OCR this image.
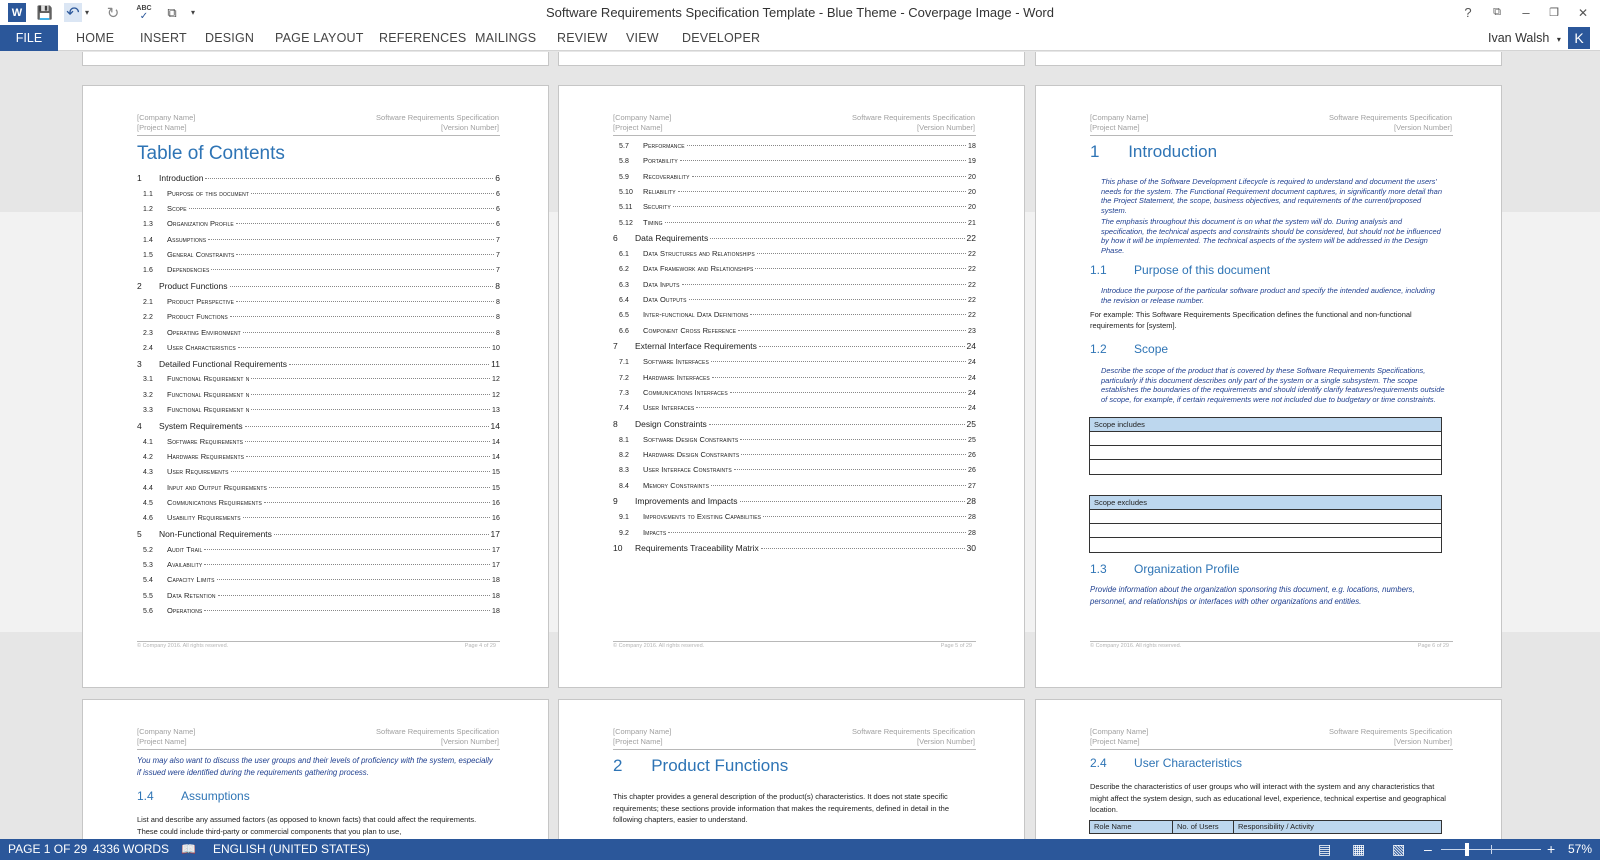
W 💾 ↶ ▾ ↻	ABC
✓	⧉	▾	Software Requirements Specification Template - Blue Theme - Coverpage Image - Word	?	⧉	–	❐	✕
FILE	HOME INSERT DESIGN PAGE LAYOUT REFERENCES MAILINGS REVIEW VIEW DEVELOPER	Ivan Walsh ▾ K
[Company Name]
[Project Name]
Software Requirements Specification
[Version Number]
Table of Contents
1	Introduction	6
1.1	Purpose of this document	6
1.2	Scope	6
1.3	Organization Profile	6
1.4	Assumptions	7
1.5	General Constraints	7
1.6	Dependencies	7
2	Product Functions	8
2.1	Product Perspective	8
2.2	Product Functions	8
2.3	Operating Environment	8
2.4	User Characteristics	10
3	Detailed Functional Requirements	11
3.1	Functional Requirement n	12
3.2	Functional Requirement n	12
3.3	Functional Requirement n	13
4	System Requirements	14
4.1	Software Requirements	14
4.2	Hardware Requirements	14
4.3	User Requirements	15
4.4	Input and Output Requirements	15
4.5	Communications Requirements	16
4.6	Usability Requirements	16
5	Non-Functional Requirements	17
5.2	Audit Trail	17
5.3	Availability	17
5.4	Capacity Limits	18
5.5	Data Retention	18
5.6	Operations	18
© Company 2016. All rights reserved.	Page 4 of 29
[Company Name]
[Project Name]
Software Requirements Specification
[Version Number]
5.7	Performance	18
5.8	Portability	19
5.9	Recoverability	20
5.10	Reliability	20
5.11	Security	20
5.12	Timing	21
6	Data Requirements	22
6.1	Data Structures and Relationships	22
6.2	Data Framework and Relationships	22
6.3	Data Inputs	22
6.4	Data Outputs	22
6.5	Inter-functional Data Definitions	22
6.6	Component Cross Reference	23
7	External Interface Requirements	24
7.1	Software Interfaces	24
7.2	Hardware Interfaces	24
7.3	Communications Interfaces	24
7.4	User Interfaces	24
8	Design Constraints	25
8.1	Software Design Constraints	25
8.2	Hardware Design Constraints	26
8.3	User Interface Constraints	26
8.4	Memory Constraints	27
9	Improvements and Impacts	28
9.1	Improvements to Existing Capabilities	28
9.2	Impacts	28
10	Requirements Traceability Matrix	30
© Company 2016. All rights reserved.	Page 5 of 29
[Company Name]
[Project Name]
Software Requirements Specification
[Version Number]
1 Introduction
This phase of the Software Development Lifecycle is required to understand and document the users' needs for the system. The Functional Requirement document captures, in significantly more detail than the Project Statement, the scope, business objectives, and requirements of the current/proposed system.
The emphasis throughout this document is on what the system will do. During analysis and specification, the technical aspects and constraints should be considered, but should not be influenced by how it will be implemented. The technical aspects of the system will be addressed in the Design Phase.
1.1 Purpose of this document
Introduce the purpose of the particular software product and specify the intended audience, including the revision or release number.
For example: This Software Requirements Specification defines the functional and non-functional requirements for [system].
1.2 Scope
Describe the scope of the product that is covered by these Software Requirements Specifications, particularly if this document describes only part of the system or a single subsystem. The scope establishes the boundaries of the requirements and should identify clarify features/requirements outside of scope, for example, if certain requirements were not included due to budgetary or time constraints.
Scope includes
Scope excludes
1.3 Organization Profile
Provide information about the organization sponsoring this document, e.g. locations, numbers, personnel, and relationships or interfaces with other organizations and entities.
© Company 2016. All rights reserved.	Page 6 of 29
[Company Name]
[Project Name]
Software Requirements Specification
[Version Number]
You may also want to discuss the user groups and their levels of proficiency with the system, especially if issued were identified during the requirements gathering process.
1.4 Assumptions
List and describe any assumed factors (as opposed to known facts) that could affect the requirements. These could include third-party or commercial components that you plan to use,
[Company Name]
[Project Name]
Software Requirements Specification
[Version Number]
2 Product Functions
This chapter provides a general description of the product(s) characteristics. It does not state specific requirements; these sections provide information that makes the requirements, defined in detail in the following chapters, easier to understand.
[Company Name]
[Project Name]
Software Requirements Specification
[Version Number]
2.4 User Characteristics
Describe the characteristics of user groups who will interact with the system and any characteristics that might affect the system design, such as educational level, experience, technical expertise and geographical location.
Role Name	No. of Users	Responsibility / Activity
PAGE 1 OF 29 4336 WORDS 📖 ENGLISH (UNITED STATES)	▤ ▦ ▧ –	+ 57%
